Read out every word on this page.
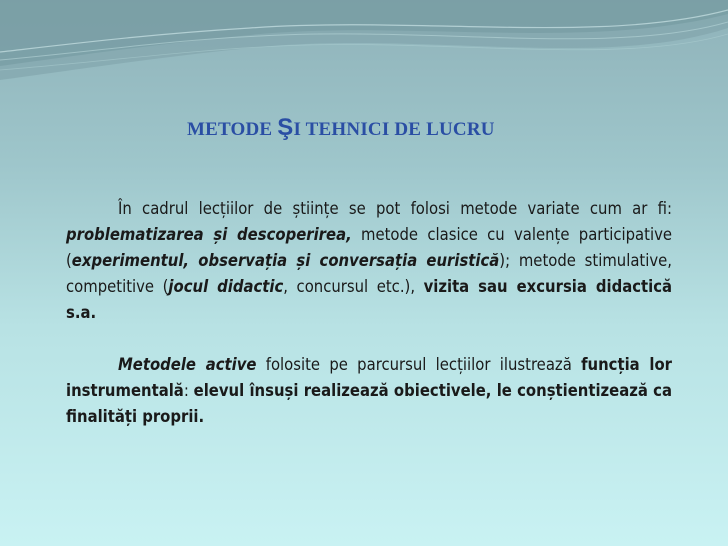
METODE ŞI TEHNICI DE LUCRU

În cadrul lecțiilor de științe se pot folosi metode variate cum ar fi: problematizarea și descoperirea, metode clasice cu valențe participative (experimentul, observația și conversația euristică); metode stimulative, competitive (jocul didactic, concursul etc.), vizita sau excursia didactică s.a.

Metodele active folosite pe parcursul lecțiilor ilustrează funcția lor instrumentală: elevul însuși realizează obiectivele, le conștientizează ca finalități proprii.
